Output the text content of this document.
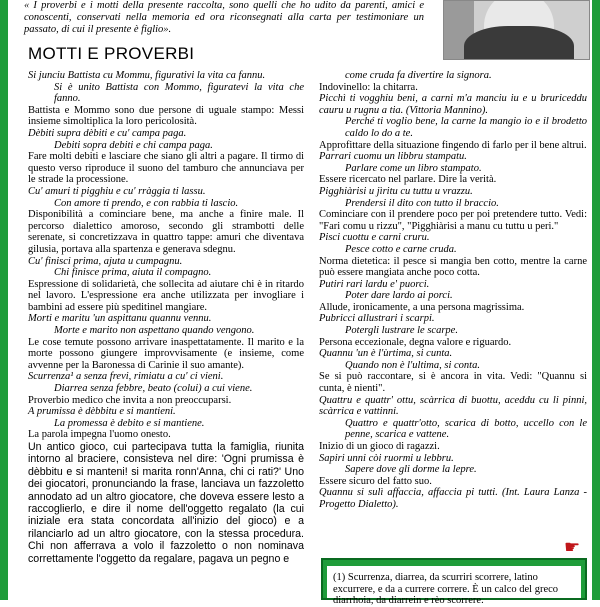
« I proverbi e i motti della presente raccolta, sono quelli che ho udito da parenti, amici e conoscenti, conservati nella memoria ed ora riconsegnati alla carta per testimoniare un passato, di cui il presente è figlio».
MOTTI E PROVERBI

Si junciu Battista cu Mommu, figurativi la vita ca fannu.

Si è unito Battista con Mommo, figuratevi la vita che fanno.

Battista e Mommo sono due persone di uguale stampo: Messi insieme simoltiplica la loro pericolosità.

Dèbiti supra dèbiti e cu' campa paga.

Debiti sopra debiti e chi campa paga.

Fare molti debiti e lasciare che siano gli altri a pagare. Il tirmo di questo verso riproduce il suono del tamburo che annunciava per le strade la processione.

Cu' amuri ti pigghiu e cu' rràggia ti lassu.

Con amore ti prendo, e con rabbia ti lascio.

Disponibilità a cominciare bene, ma anche a finire male. Il percorso dialettico amoroso, secondo gli strambotti delle serenate, si concretizzava in quattro tappe: amuri che diventava gilusia, portava alla spartenza e generava sdegnu.

Cu' finisci prima, ajuta u cumpagnu.

Chi finisce prima, aiuta il compagno.

Espressione di solidarietà, che sollecita ad aiutare chi è in ritardo nel lavoro. L'espressione era anche utilizzata per invogliare i bambini ad essere più speditinel mangiare.

Morti e maritu 'un aspittanu quannu vennu.

Morte e marito non aspettano quando vengono.

Le cose temute possono arrivare inaspettatamente. Il marito e la morte possono giungere improvvisamente (e insieme, come avvenne per la Baronessa di Carinie il suo amante).

Scurrenza¹ a senza frevi, rimiatu a cu' ci vieni.

Diarrea senza febbre, beato (colui) a cui viene.

Proverbio medico che invita a non preoccuparsi.

A prumissa è dèbbitu e si mantieni.

La promessa è debito e si mantiene.

La parola impegna l'uomo onesto.

Un antico gioco, cui partecipava tutta la famiglia, riunita intorno al braciere, consisteva nel dire: 'Ogni prumissa è dèbbitu e si manteni! si marita ronn'Anna, chi ci rati?' Uno dei giocatori, pronunciando la frase, lanciava un fazzoletto annodato ad un altro giocatore, che doveva essere lesto a raccoglierlo, e dire il nome dell'oggetto regalato (la cui iniziale era stata concordata all'inizio del gioco) e a rilanciarlo ad un altro giocatore, con la stessa procedura. Chi non afferrava a volo il fazzoletto o non nominava correttamente l'oggetto da regalare, pagava un pegno e

come cruda fa divertire la signora.

Indovinello: la chitarra.

Picchì ti vogghiu beni, a carni m'a manciu iu e u bruriceddu cauru u rugnu a tia. (Vittoria Mannino).

Perché ti voglio bene, la carne la mangio io e il brodetto caldo lo do a te.

Approfittare della situazione fingendo di farlo per il bene altrui.

Parrari cuomu un libbru stampatu.

Parlare come un libro stampato.

Essere ricercato nel parlare. Dire la verità.

Pigghiàrisi u jìritu cu tuttu u vrazzu.

Prendersi il dito con tutto il braccio.

Cominciare con il prendere poco per poi pretendere tutto. Vedi: "Fari comu u rizzu", "Pigghiàrisi a manu cu tuttu u peri."

Pisci cuottu e carni cruru.

Pesce cotto e carne cruda.

Norma dietetica: il pesce si mangia ben cotto, mentre la carne può essere mangiata anche poco cotta.

Putiri rari lardu e' puorci.

Poter dare lardo ai porci.

Allude, ironicamente, a una persona magrissima.

Pubricci allustrari i scarpi.

Potergli lustrare le scarpe.

Persona eccezionale, degna valore e riguardo.

Quannu 'un è l'ùrtima, si cunta.

Quando non è l'ultima, si conta.

Se si può raccontare, si è ancora in vita. Vedi: "Quannu si cunta, è nienti".

Quattru e quattr' ottu, scàrrica di buottu, aceddu cu li pinni, scàrrica e vattinni.

Quattro e quattr'otto, scarica di botto, uccello con le penne, scarica e vattene.

Inizio di un gioco di ragazzi.

Sapiri unni còi ruormi u lebbru.

Sapere dove gli dorme la lepre.

Essere sicuro del fatto suo.

Quannu si sulì affaccia, affaccia pi tutti. (Int. Laura Lanza - Progetto Dialetto).

☛
(1) Scurrenza, diarrea, da scurriri scorrere, latino excurrere, e da a currere correre. È un calco del greco diarrhoia, da diarrein e rèo scorrere.
